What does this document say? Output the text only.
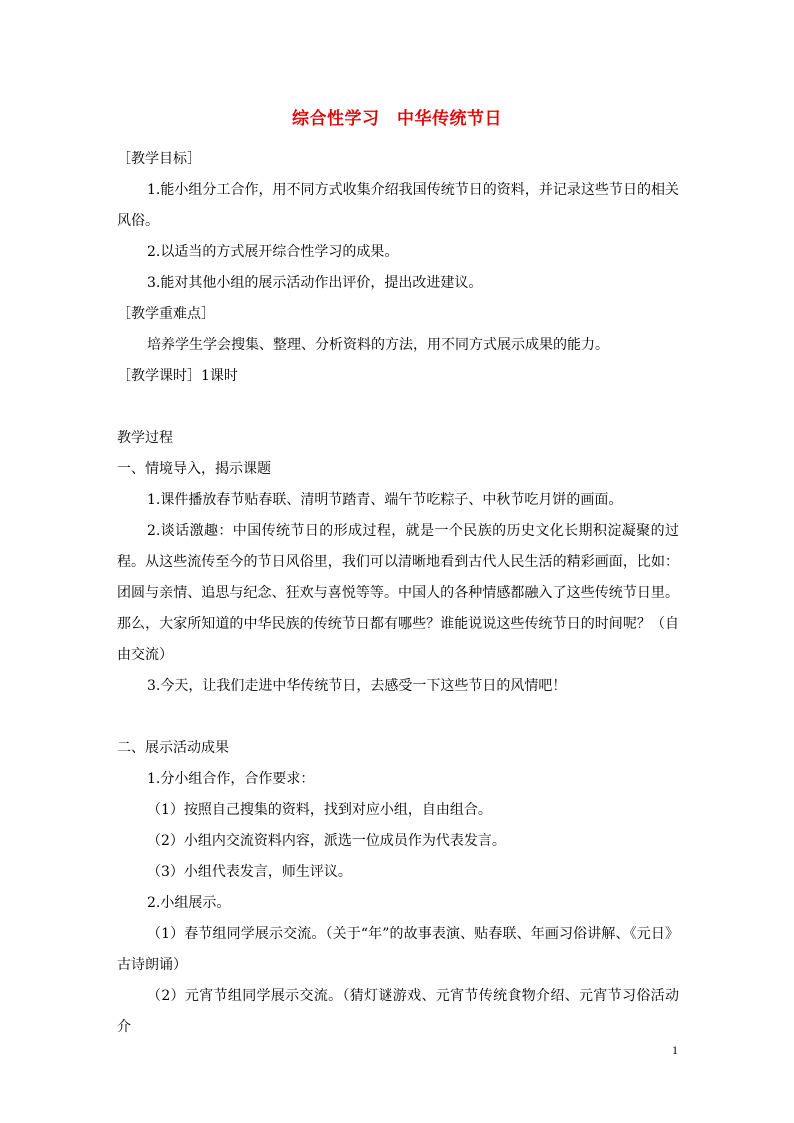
综合性学习　中华传统节日

［教学目标］

1.能小组分工合作，用不同方式收集介绍我国传统节日的资料，并记录这些节日的相关风俗。

2.以适当的方式展开综合性学习的成果。

3.能对其他小组的展示活动作出评价，提出改进建议。

［教学重难点］

培养学生学会搜集、整理、分析资料的方法，用不同方式展示成果的能力。

［教学课时］1课时

教学过程

一、情境导入，揭示课题

1.课件播放春节贴春联、清明节踏青、端午节吃粽子、中秋节吃月饼的画面。

2.谈话激趣：中国传统节日的形成过程，就是一个民族的历史文化长期积淀凝聚的过程。从这些流传至今的节日风俗里，我们可以清晰地看到古代人民生活的精彩画面，比如：团圆与亲情、追思与纪念、狂欢与喜悦等等。中国人的各种情感都融入了这些传统节日里。那么，大家所知道的中华民族的传统节日都有哪些？谁能说说这些传统节日的时间呢？（自由交流）

3.今天，让我们走进中华传统节日，去感受一下这些节日的风情吧！

二、展示活动成果

1.分小组合作，合作要求：

（1）按照自己搜集的资料，找到对应小组，自由组合。

（2）小组内交流资料内容，派选一位成员作为代表发言。

（3）小组代表发言，师生评议。

2.小组展示。

（1）春节组同学展示交流。（关于“年”的故事表演、贴春联、年画习俗讲解、《元日》古诗朗诵）

（2）元宵节组同学展示交流。（猜灯谜游戏、元宵节传统食物介绍、元宵节习俗活动介

1
